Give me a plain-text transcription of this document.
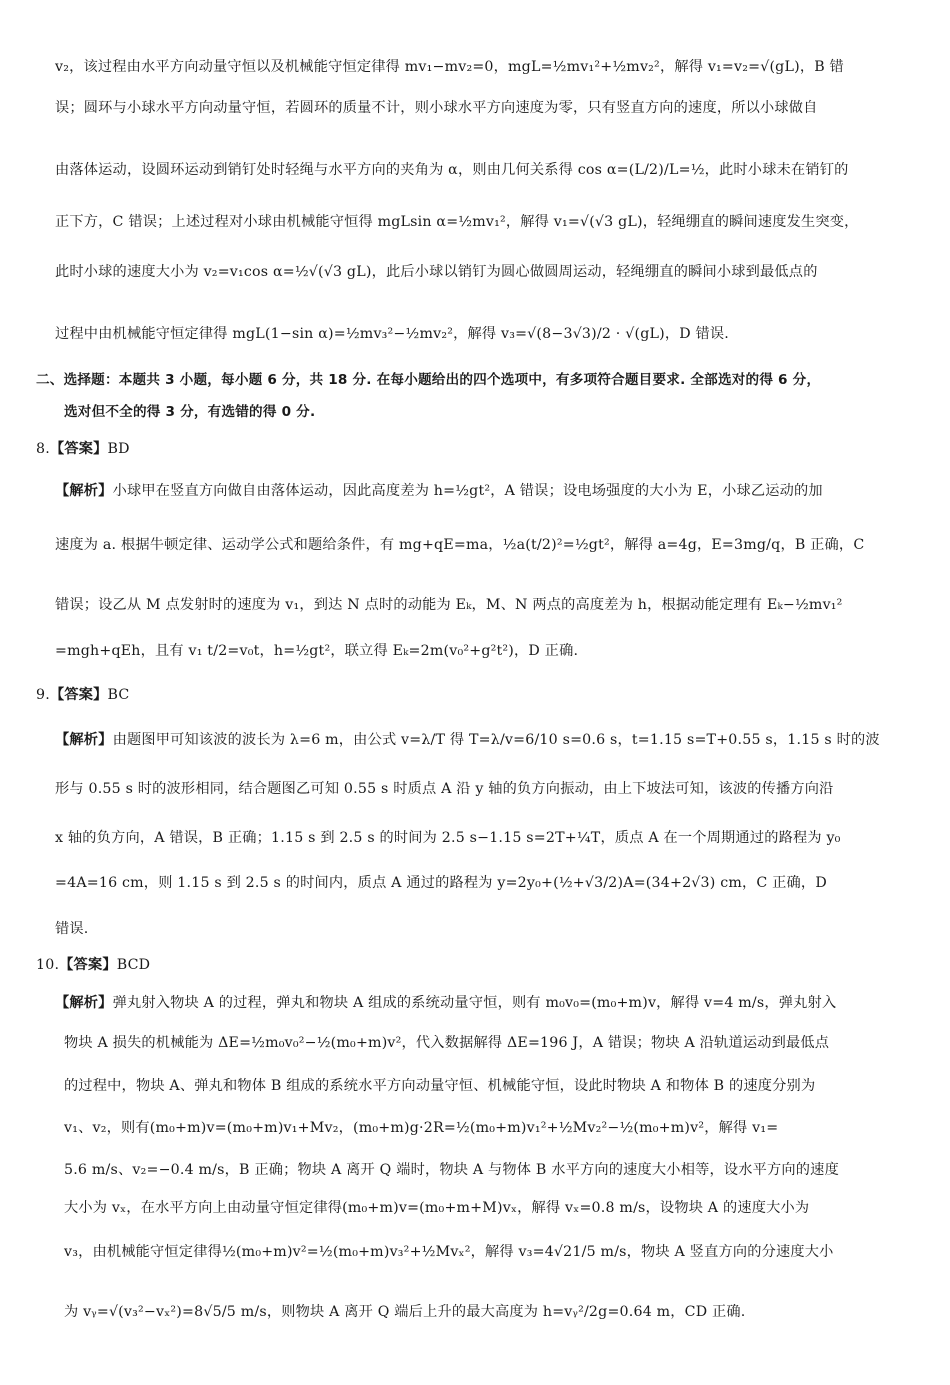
v₂，该过程由水平方向动量守恒以及机械能守恒定律得 mv₁−mv₂=0，mgL=½mv₁²+½mv₂²，解得 v₁=v₂=√(gL)，B 错
误；圆环与小球水平方向动量守恒，若圆环的质量不计，则小球水平方向速度为零，只有竖直方向的速度，所以小球做自
由落体运动，设圆环运动到销钉处时轻绳与水平方向的夹角为 α，则由几何关系得 cos α=(L/2)/L=½，此时小球未在销钉的
正下方，C 错误；上述过程对小球由机械能守恒得 mgLsin α=½mv₁²，解得 v₁=√(√3 gL)，轻绳绷直的瞬间速度发生突变，
此时小球的速度大小为 v₂=v₁cos α=½√(√3 gL)，此后小球以销钉为圆心做圆周运动，轻绳绷直的瞬间小球到最低点的
过程中由机械能守恒定律得 mgL(1−sin α)=½mv₃²−½mv₂²，解得 v₃=√(8−3√3)/2 · √(gL)，D 错误.
二、选择题：本题共 3 小题，每小题 6 分，共 18 分. 在每小题给出的四个选项中，有多项符合题目要求. 全部选对的得 6 分，
选对但不全的得 3 分，有选错的得 0 分.
8.【答案】BD
【解析】小球甲在竖直方向做自由落体运动，因此高度差为 h=½gt²，A 错误；设电场强度的大小为 E，小球乙运动的加
速度为 a. 根据牛顿定律、运动学公式和题给条件，有 mg+qE=ma，½a(t/2)²=½gt²，解得 a=4g，E=3mg/q，B 正确，C
错误；设乙从 M 点发射时的速度为 v₁，到达 N 点时的动能为 Eₖ，M、N 两点的高度差为 h，根据动能定理有 Eₖ−½mv₁²
=mgh+qEh，且有 v₁ t/2=v₀t，h=½gt²，联立得 Eₖ=2m(v₀²+g²t²)，D 正确.
9.【答案】BC
【解析】由题图甲可知该波的波长为 λ=6 m，由公式 v=λ/T 得 T=λ/v=6/10 s=0.6 s，t=1.15 s=T+0.55 s，1.15 s 时的波
形与 0.55 s 时的波形相同，结合题图乙可知 0.55 s 时质点 A 沿 y 轴的负方向振动，由上下坡法可知，该波的传播方向沿
x 轴的负方向，A 错误，B 正确；1.15 s 到 2.5 s 的时间为 2.5 s−1.15 s=2T+¼T，质点 A 在一个周期通过的路程为 y₀
=4A=16 cm，则 1.15 s 到 2.5 s 的时间内，质点 A 通过的路程为 y=2y₀+(½+√3/2)A=(34+2√3) cm，C 正确，D
错误.
10.【答案】BCD
【解析】弹丸射入物块 A 的过程，弹丸和物块 A 组成的系统动量守恒，则有 m₀v₀=(m₀+m)v，解得 v=4 m/s，弹丸射入
物块 A 损失的机械能为 ΔE=½m₀v₀²−½(m₀+m)v²，代入数据解得 ΔE=196 J，A 错误；物块 A 沿轨道运动到最低点
的过程中，物块 A、弹丸和物体 B 组成的系统水平方向动量守恒、机械能守恒，设此时物块 A 和物体 B 的速度分别为
v₁、v₂，则有(m₀+m)v=(m₀+m)v₁+Mv₂，(m₀+m)g·2R=½(m₀+m)v₁²+½Mv₂²−½(m₀+m)v²，解得 v₁=
5.6 m/s、v₂=−0.4 m/s，B 正确；物块 A 离开 Q 端时，物块 A 与物体 B 水平方向的速度大小相等，设水平方向的速度
大小为 vₓ，在水平方向上由动量守恒定律得(m₀+m)v=(m₀+m+M)vₓ，解得 vₓ=0.8 m/s，设物块 A 的速度大小为
v₃，由机械能守恒定律得½(m₀+m)v²=½(m₀+m)v₃²+½Mvₓ²，解得 v₃=4√21/5 m/s，物块 A 竖直方向的分速度大小
为 vᵧ=√(v₃²−vₓ²)=8√5/5 m/s，则物块 A 离开 Q 端后上升的最大高度为 h=vᵧ²/2g=0.64 m，CD 正确.
